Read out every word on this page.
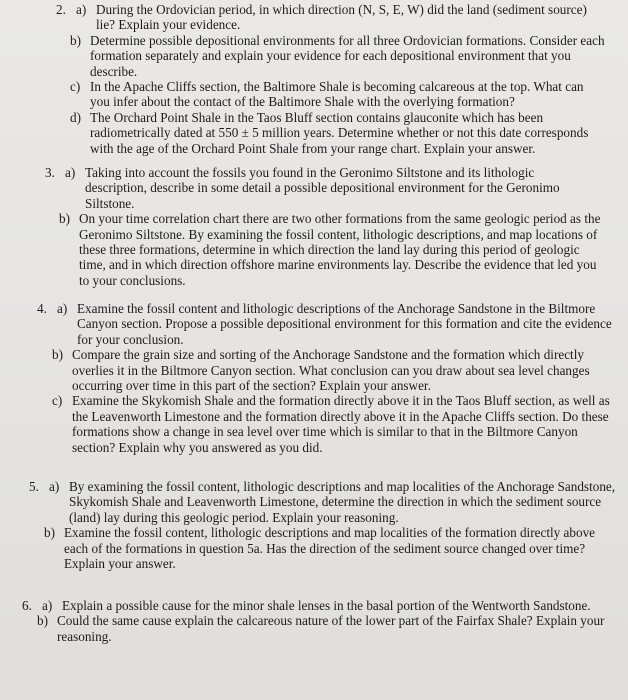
2. a) During the Ordovician period, in which direction (N, S, E, W) did the land (sediment source) lie? Explain your evidence.
b) Determine possible depositional environments for all three Ordovician formations. Consider each formation separately and explain your evidence for each depositional environment that you describe.
c) In the Apache Cliffs section, the Baltimore Shale is becoming calcareous at the top. What can you infer about the contact of the Baltimore Shale with the overlying formation?
d) The Orchard Point Shale in the Taos Bluff section contains glauconite which has been radiometrically dated at 550 ± 5 million years. Determine whether or not this date corresponds with the age of the Orchard Point Shale from your range chart. Explain your answer.
3. a) Taking into account the fossils you found in the Geronimo Siltstone and its lithologic description, describe in some detail a possible depositional environment for the Geronimo Siltstone.
b) On your time correlation chart there are two other formations from the same geologic period as the Geronimo Siltstone. By examining the fossil content, lithologic descriptions, and map locations of these three formations, determine in which direction the land lay during this period of geologic time, and in which direction offshore marine environments lay. Describe the evidence that led you to your conclusions.
4. a) Examine the fossil content and lithologic descriptions of the Anchorage Sandstone in the Biltmore Canyon section. Propose a possible depositional environment for this formation and cite the evidence for your conclusion.
b) Compare the grain size and sorting of the Anchorage Sandstone and the formation which directly overlies it in the Biltmore Canyon section. What conclusion can you draw about sea level changes occurring over time in this part of the section? Explain your answer.
c) Examine the Skykomish Shale and the formation directly above it in the Taos Bluff section, as well as the Leavenworth Limestone and the formation directly above it in the Apache Cliffs section. Do these formations show a change in sea level over time which is similar to that in the Biltmore Canyon section? Explain why you answered as you did.
5. a) By examining the fossil content, lithologic descriptions and map localities of the Anchorage Sandstone, Skykomish Shale and Leavenworth Limestone, determine the direction in which the sediment source (land) lay during this geologic period. Explain your reasoning.
b) Examine the fossil content, lithologic descriptions and map localities of the formation directly above each of the formations in question 5a. Has the direction of the sediment source changed over time? Explain your answer.
6. a) Explain a possible cause for the minor shale lenses in the basal portion of the Wentworth Sandstone.
b) Could the same cause explain the calcareous nature of the lower part of the Fairfax Shale? Explain your reasoning.
